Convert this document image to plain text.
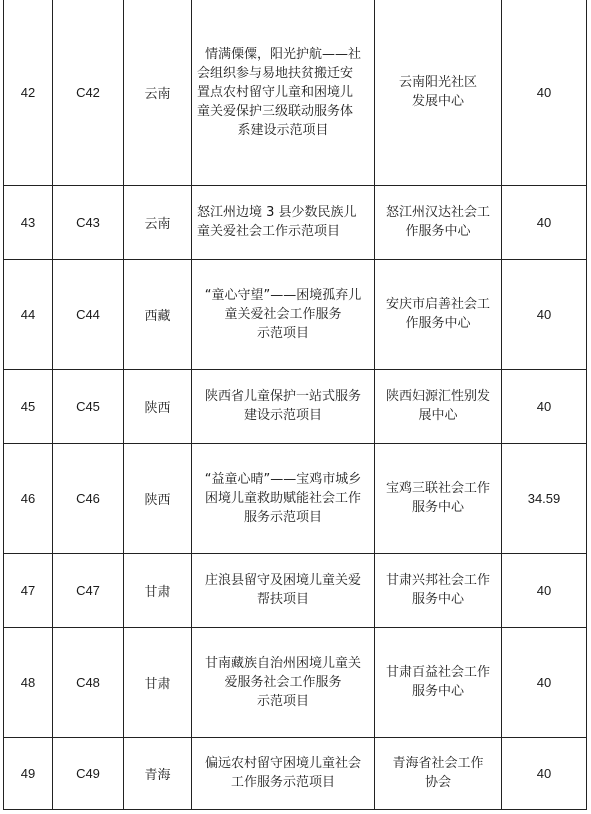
42	C42	云南	情满傈僳，阳光护航——社
会组织参与易地扶贫搬迁安
置点农村留守儿童和困境儿
童关爱保护三级联动服务体
系建设示范项目	云南阳光社区
发展中心	40
43	C43	云南	怒江州边境 3 县少数民族儿
童关爱社会工作示范项目	怒江州汉达社会工
作服务中心	40
44	C44	西藏	“童心守望”——困境孤弃儿
童关爱社会工作服务
示范项目	安庆市启善社会工
作服务中心	40
45	C45	陕西	陕西省儿童保护一站式服务
建设示范项目	陕西妇源汇性别发
展中心	40
46	C46	陕西	“益童心晴”——宝鸡市城乡
困境儿童救助赋能社会工作
服务示范项目	宝鸡三联社会工作
服务中心	34.59
47	C47	甘肃	庄浪县留守及困境儿童关爱
帮扶项目	甘肃兴邦社会工作
服务中心	40
48	C48	甘肃	甘南藏族自治州困境儿童关
爱服务社会工作服务
示范项目	甘肃百益社会工作
服务中心	40
49	C49	青海	偏远农村留守困境儿童社会
工作服务示范项目	青海省社会工作
协会	40
